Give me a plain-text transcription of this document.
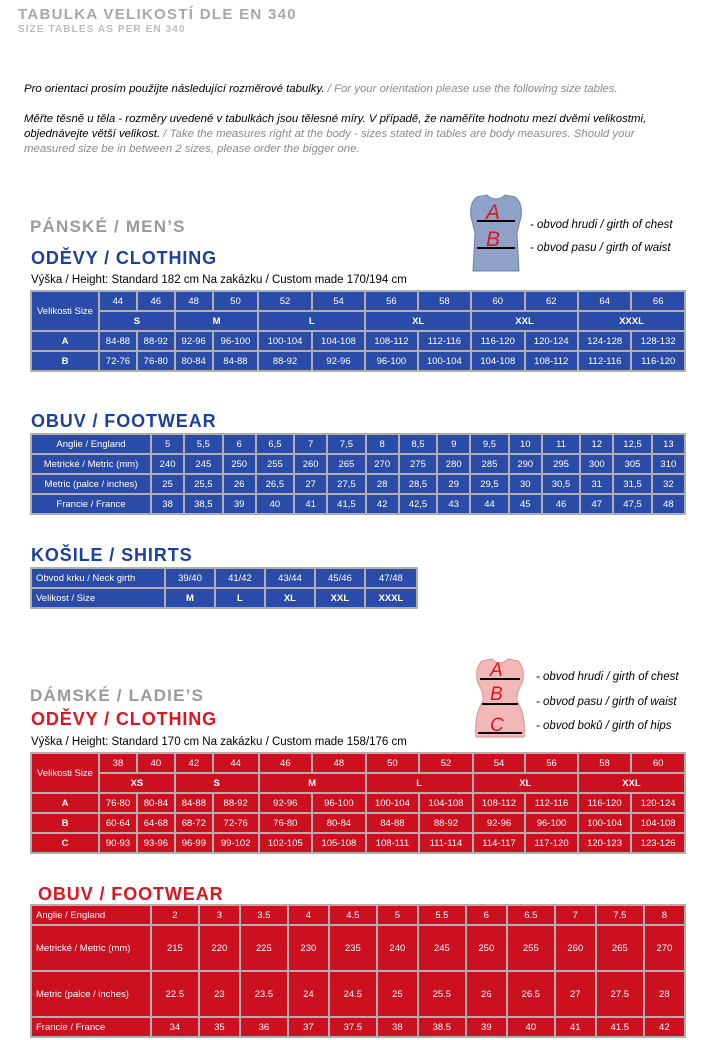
TABULKA VELIKOSTÍ DLE EN 340
SIZE TABLES AS PER EN 340
Pro orientaci prosím použijte následující rozměrové tabulky. / For your orientation please use the following size tables.
Měřte těsně u těla - rozměry uvedené v tabulkách jsou tělesné míry. V případě, že naměříte hodnotu mezi dvěmi velikostmi, objednávejte větší velikost. / Take the measures right at the body - sizes stated in tables are body measures. Should your measured size be in between 2 sizes, please order the bigger one.
PÁNSKÉ / MEN’S
A
B
- obvod hrudi / girth of chest
- obvod pasu / girth of waist
ODĚVY / CLOTHING
Výška / Height: Standard 182 cm Na zakázku / Custom made 170/194 cm
Velikosti Size	44	46	48	50	52	54	56	58	60	62	64	66
	S		M		L		XL		XXL		XXXL	
A	84-88	88-92	92-96	96-100	100-104	104-108	108-112	112-116	116-120	120-124	124-128	128-132
B	72-76	76-80	80-84	84-88	88-92	92-96	96-100	100-104	104-108	108-112	112-116	116-120
OBUV / FOOTWEAR
Anglie / England	5	5,5	6	6,5	7	7,5	8	8,5	9	9,5	10	11	12	12,5	13
Metrické / Metric (mm)	240	245	250	255	260	265	270	275	280	285	290	295	300	305	310
Metric (palce / inches)	25	25,5	26	26,5	27	27,5	28	28,5	29	29,5	30	30,5	31	31,5	32
Francie / France	38	38,5	39	40	41	41,5	42	42,5	43	44	45	46	47	47,5	48
KOŠILE / SHIRTS
Obvod krku / Neck girth	39/40	41/42	43/44	45/46	47/48
Velikost / Size	M	L	XL	XXL	XXXL
DÁMSKÉ / LADIE’S
A
B
C
- obvod hrudi / girth of chest
- obvod pasu / girth of waist
- obvod boků / girth of hips
ODĚVY / CLOTHING
Výška / Height: Standard 170 cm Na zakázku / Custom made 158/176 cm
Velikosti Size	38	40	42	44	46	48	50	52	54	56	58	60
	XS		S		M		L		XL		XXL	
A	76-80	80-84	84-88	88-92	92-96	96-100	100-104	104-108	108-112	112-116	116-120	120-124
B	60-64	64-68	68-72	72-76	76-80	80-84	84-88	88-92	92-96	96-100	100-104	104-108
C	90-93	93-96	96-99	99-102	102-105	105-108	108-111	111-114	114-117	117-120	120-123	123-126
OBUV / FOOTWEAR
Anglie / England	2	3	3.5	4	4.5	5	5.5	6	6.5	7	7.5	8
Metrické / Metric (mm)	215	220	225	230	235	240	245	250	255	260	265	270
Metric (palce / inches)	22.5	23	23.5	24	24.5	25	25.5	26	26.5	27	27.5	28
Francie / France	34	35	36	37	37.5	38	38.5	39	40	41	41.5	42
